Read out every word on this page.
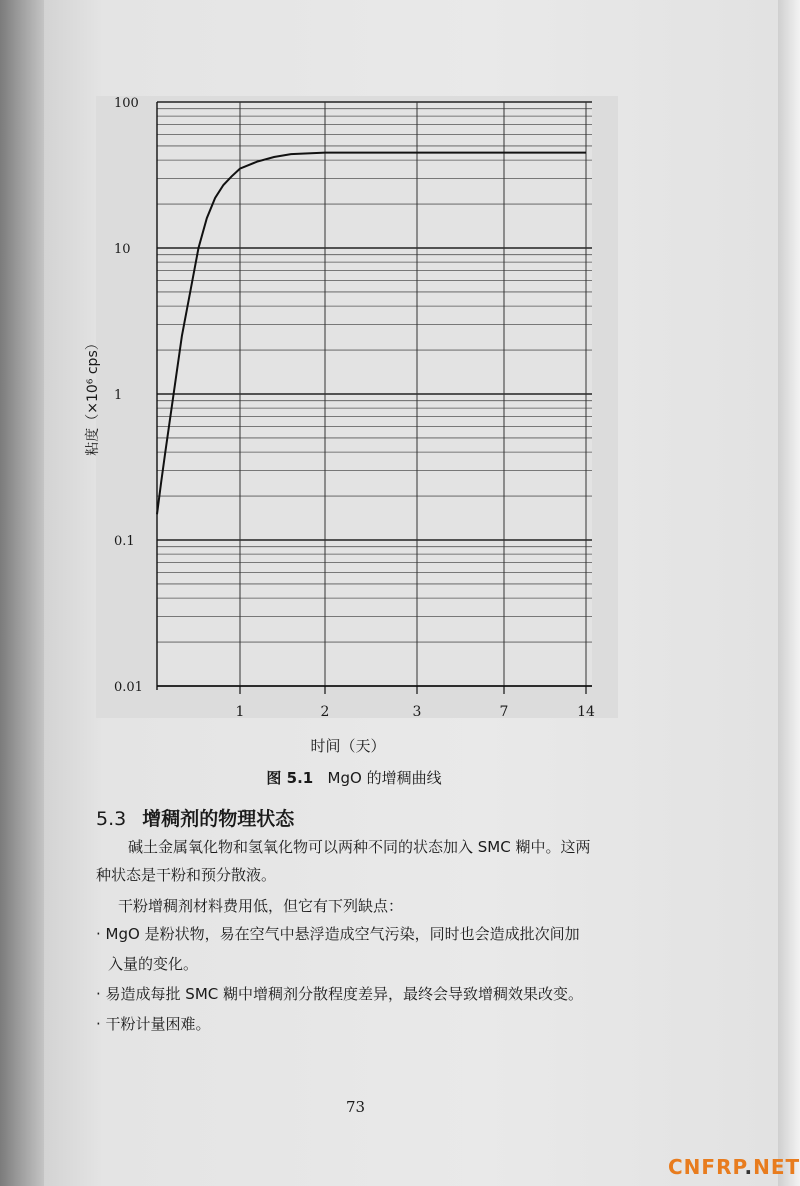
1	2	3	7	14
100
10
1
0.1
0.01
粘度（×10⁶ cps）
时间（天）
图 5.1 MgO 的增稠曲线
5.3 增稠剂的物理状态
碱土金属氧化物和氢氧化物可以两种不同的状态加入 SMC 糊中。这两
种状态是干粉和预分散液。
干粉增稠剂材料费用低，但它有下列缺点：
· MgO 是粉状物，易在空气中悬浮造成空气污染，同时也会造成批次间加
入量的变化。
· 易造成每批 SMC 糊中增稠剂分散程度差异，最终会导致增稠效果改变。
· 干粉计量困难。
73
CNFRP.NET
